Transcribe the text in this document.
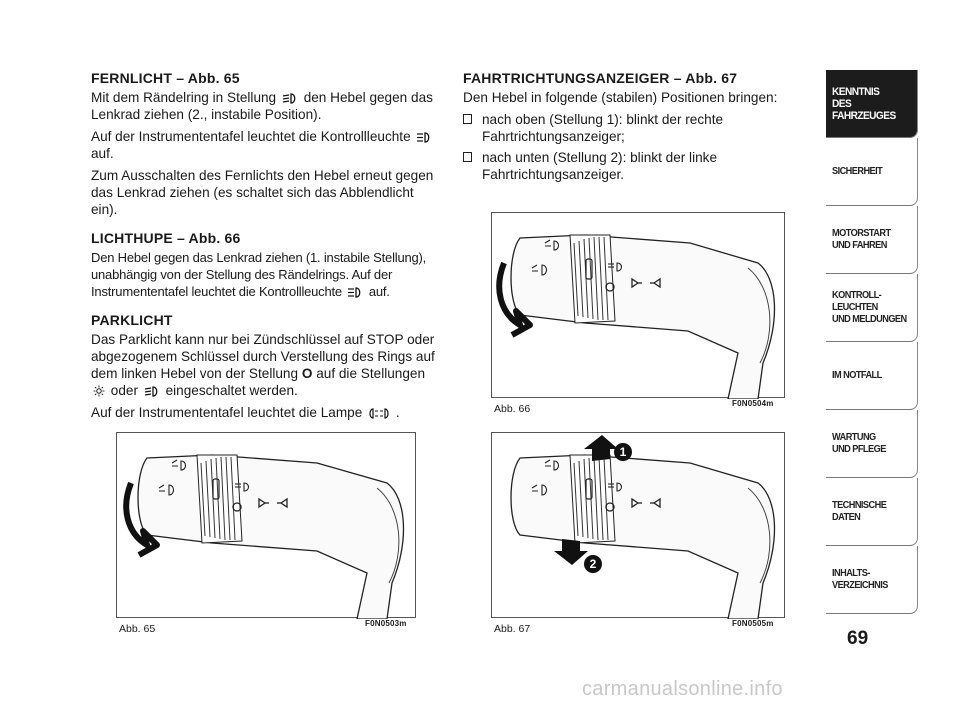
FERNLICHT – Abb. 65
Mit dem Rändelring in Stellung den Hebel gegen das Lenkrad ziehen (2., instabile Position).
Auf der Instrumententafel leuchtet die Kontrollleuchte
auf.
Zum Ausschalten des Fernlichts den Hebel erneut gegen das Lenkrad ziehen (es schaltet sich das Abblendlicht ein).
LICHTHUPE – Abb. 66
Den Hebel gegen das Lenkrad ziehen (1. instabile Stellung), unabhängig von der Stellung des Rändelrings. Auf der Instrumententafel leuchtet die Kontrollleuchte auf.
PARKLICHT
Das Parklicht kann nur bei Zündschlüssel auf STOP oder abgezogenem Schlüssel durch Verstellung des Rings auf dem linken Hebel von der Stellung O auf die Stellungen
oder eingeschaltet werden.
Auf der Instrumententafel leuchtet die Lampe .
FAHRTRICHTUNGSANZEIGER – Abb. 67
Den Hebel in folgende (stabilen) Positionen bringen:
nach oben (Stellung 1): blinkt der rechte Fahrtrichtungsanzeiger;
nach unten (Stellung 2): blinkt der linke Fahrtrichtungsanzeiger.
Abb. 65	F0N0503m
Abb. 66	F0N0504m
1
2
Abb. 67	F0N0505m
KENNTNIS
DES FAHRZEUGES
SICHERHEIT
MOTORSTART
UND FAHREN
KONTROLL-
LEUCHTEN
UND MELDUNGEN
IM NOTFALL
WARTUNG
UND PFLEGE
TECHNISCHE
DATEN
INHALTS-
VERZEICHNIS
69
carmanualsonline.info
